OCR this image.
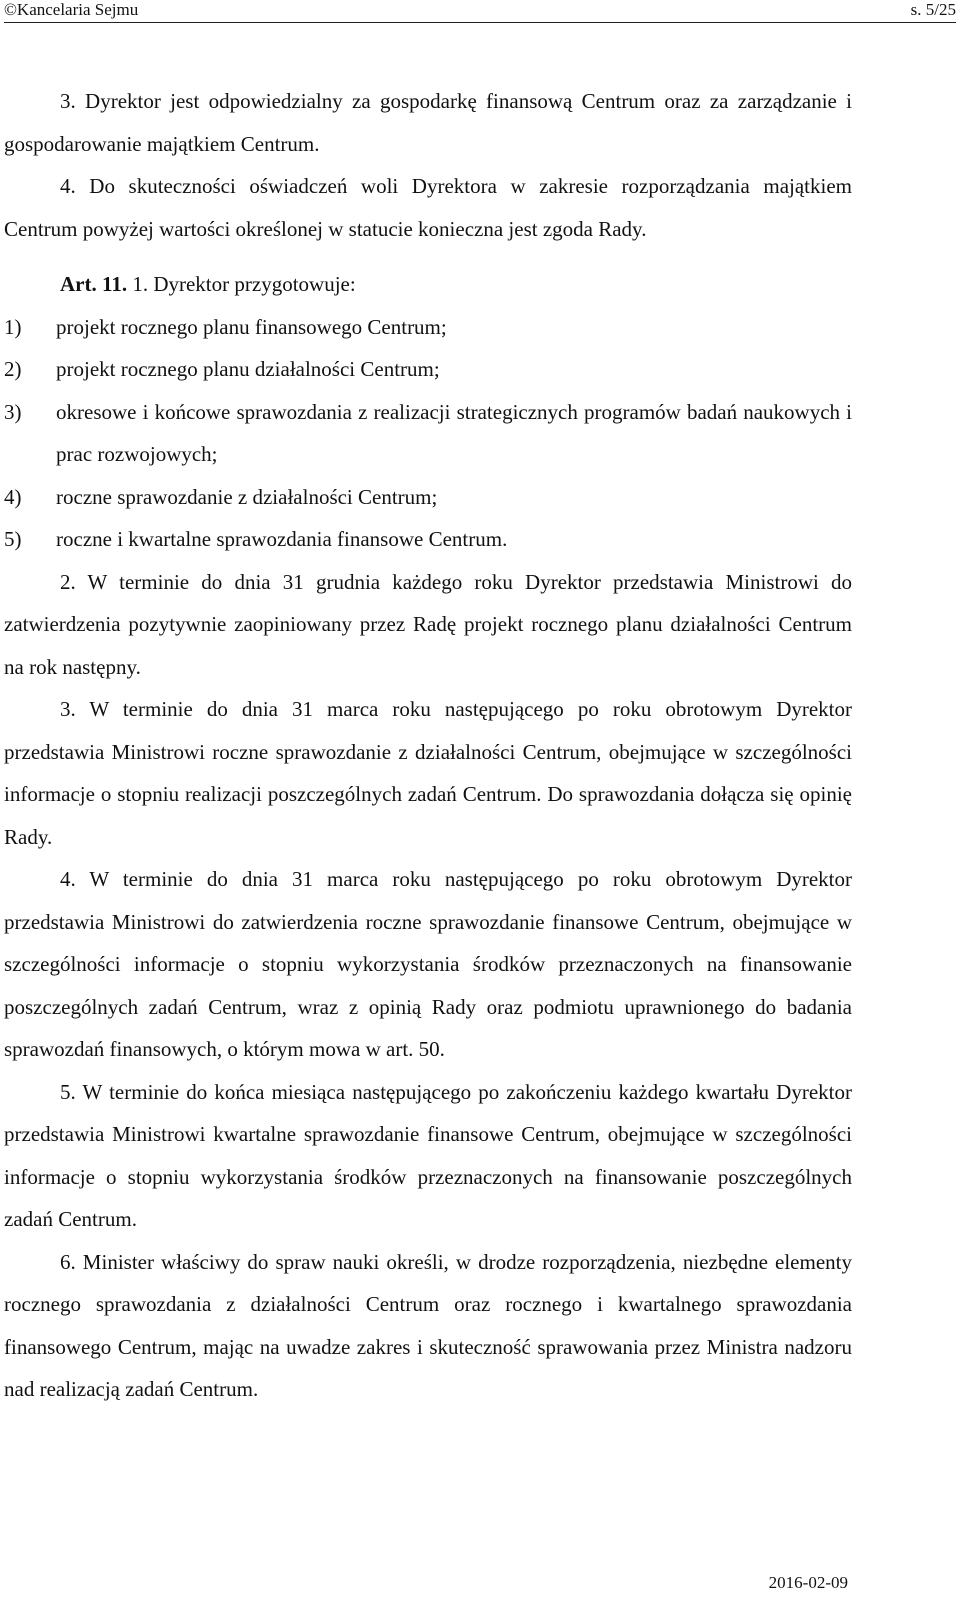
©Kancelaria Sejmu	s. 5/25

3. Dyrektor jest odpowiedzialny za gospodarkę finansową Centrum oraz za zarządzanie i gospodarowanie majątkiem Centrum.

4. Do skuteczności oświadczeń woli Dyrektora w zakresie rozporządzania majątkiem Centrum powyżej wartości określonej w statucie konieczna jest zgoda Rady.

Art. 11. 1. Dyrektor przygotowuje:

1)	projekt rocznego planu finansowego Centrum;
2)	projekt rocznego planu działalności Centrum;
3)	okresowe i końcowe sprawozdania z realizacji strategicznych programów badań naukowych i prac rozwojowych;
4)	roczne sprawozdanie z działalności Centrum;
5)	roczne i kwartalne sprawozdania finansowe Centrum.

2. W terminie do dnia 31 grudnia każdego roku Dyrektor przedstawia Ministrowi do zatwierdzenia pozytywnie zaopiniowany przez Radę projekt rocznego planu działalności Centrum na rok następny.

3. W terminie do dnia 31 marca roku następującego po roku obrotowym Dyrektor przedstawia Ministrowi roczne sprawozdanie z działalności Centrum, obejmujące w szczególności informacje o stopniu realizacji poszczególnych zadań Centrum. Do sprawozdania dołącza się opinię Rady.

4. W terminie do dnia 31 marca roku następującego po roku obrotowym Dyrektor przedstawia Ministrowi do zatwierdzenia roczne sprawozdanie finansowe Centrum, obejmujące w szczególności informacje o stopniu wykorzystania środków przeznaczonych na finansowanie poszczególnych zadań Centrum, wraz z opinią Rady oraz podmiotu uprawnionego do badania sprawozdań finansowych, o którym mowa w art. 50.

5. W terminie do końca miesiąca następującego po zakończeniu każdego kwartału Dyrektor przedstawia Ministrowi kwartalne sprawozdanie finansowe Centrum, obejmujące w szczególności informacje o stopniu wykorzystania środków przeznaczonych na finansowanie poszczególnych zadań Centrum.

6. Minister właściwy do spraw nauki określi, w drodze rozporządzenia, niezbędne elementy rocznego sprawozdania z działalności Centrum oraz rocznego i kwartalnego sprawozdania finansowego Centrum, mając na uwadze zakres i skuteczność sprawowania przez Ministra nadzoru nad realizacją zadań Centrum.

2016-02-09
